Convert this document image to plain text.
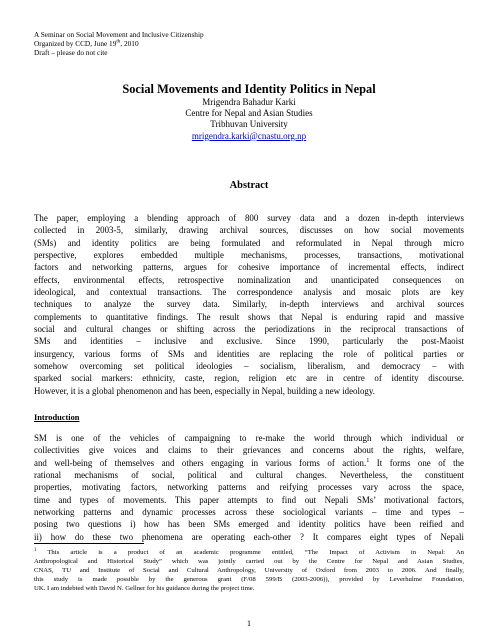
A Seminar on Social Movement and Inclusive Citizenship
Organized by CCD, June 19th, 2010
Draft – please do not cite
Social Movements and Identity Politics in Nepal
Mrigendra Bahadur Karki
Centre for Nepal and Asian Studies
Tribhuvan University
mrigendra.karki@cnastu.org.np
Abstract
The paper, employing a blending approach of 800 survey data and a dozen in-depth interviews
collected in 2003-5, similarly, drawing archival sources, discusses on how social movements
(SMs) and identity politics are being formulated and reformulated in Nepal through micro
perspective, explores embedded multiple mechanisms, processes, transactions, motivational
factors and networking patterns, argues for cohesive importance of incremental effects, indirect
effects, environmental effects, retrospective nominalization and unanticipated consequences on
ideological, and contextual transactions. The correspondence analysis and mosaic plots are key
techniques to analyze the survey data. Similarly, in-depth interviews and archival sources
complements to quantitative findings. The result shows that Nepal is enduring rapid and massive
social and cultural changes or shifting across the periodizations in the reciprocal transactions of
SMs and identities – inclusive and exclusive. Since 1990, particularly the post-Maoist
insurgency, various forms of SMs and identities are replacing the role of political parties or
somehow overcoming set political ideologies – socialism, liberalism, and democracy – with
sparked social markers: ethnicity, caste, region, religion etc are in centre of identity discourse.
However, it is a global phenomenon and has been, especially in Nepal, building a new ideology.
Introduction
SM is one of the vehicles of campaigning to re-make the world through which individual or
collectivities give voices and claims to their grievances and concerns about the rights, welfare,
and well-being of themselves and others engaging in various forms of action.$^1$ It forms one of the
rational mechanisms of social, political and cultural changes. Nevertheless, the constituent
properties, motivating factors, networking patterns and reifying processes vary across the space,
time and types of movements. This paper attempts to find out Nepali SMs’ motivational factors,
networking patterns and dynamic processes across these sociological variants – time and types –
posing two questions i) how has been SMs emerged and identity politics have been reified and
ii) how do these two phenomena are operating each-other ? It compares eight types of Nepali
$^1$ This article is a product of an academic programme entitled, “The Impact of Activism in Nepal: An
Anthropological and Historical Study” which was jointly carried out by the Centre for Nepal and Asian Studies,
CNAS, TU and Institute of Social and Cultural Anthropology, University of Oxford from 2003 to 2006. And finally,
this study is made possible by the generous grant (F/08 599/B (2003-2006)), provided by Leverhulme Foundation,
UK. I am indebted with David N. Gellner for his guidance during the project time.
1
